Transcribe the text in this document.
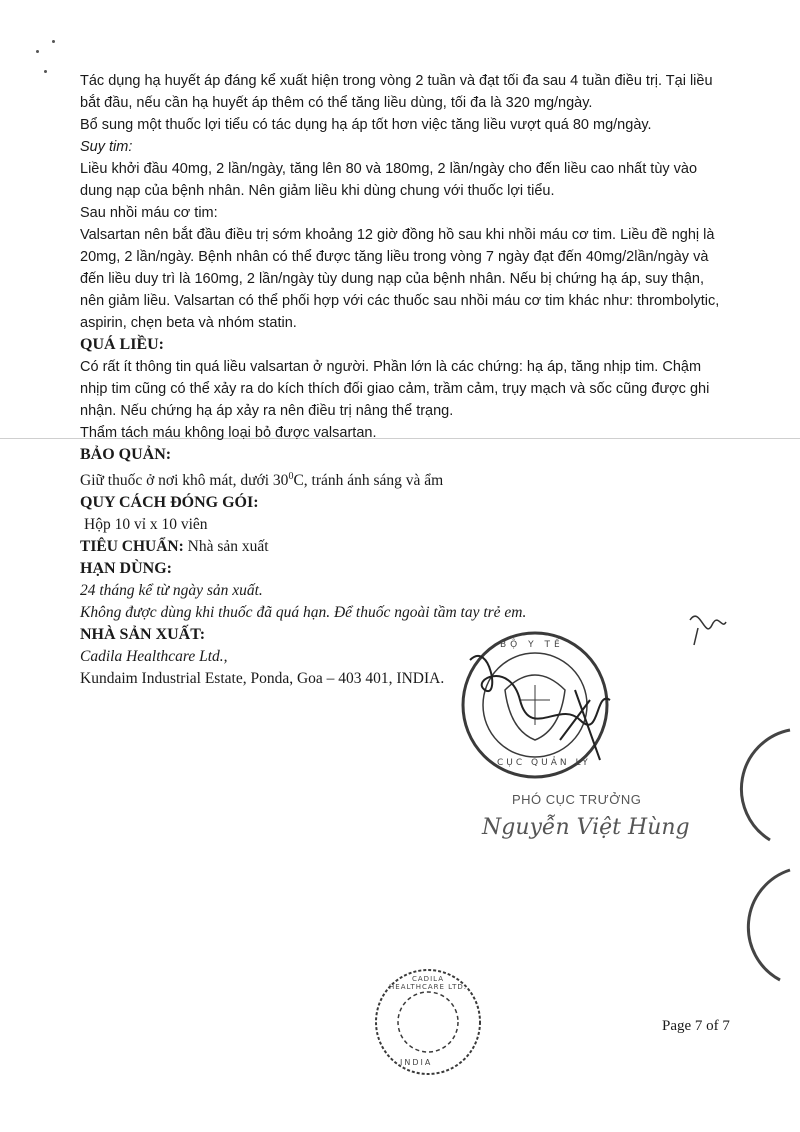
Tác dụng hạ huyết áp đáng kể xuất hiện trong vòng 2 tuần và đạt tối đa sau 4 tuần điều trị. Tại liều bắt đầu, nếu cần hạ huyết áp thêm có thể tăng liều dùng, tối đa là 320 mg/ngày.

Bổ sung một thuốc lợi tiểu có tác dụng hạ áp tốt hơn việc tăng liều vượt quá 80 mg/ngày.

Suy tim:

Liều khởi đầu 40mg, 2 lần/ngày, tăng lên 80 và 180mg, 2 lần/ngày cho đến liều cao nhất tùy vào dung nạp của bệnh nhân. Nên giảm liều khi dùng chung với thuốc lợi tiểu.

Sau nhồi máu cơ tim:

Valsartan nên bắt đầu điều trị sớm khoảng 12 giờ đồng hồ sau khi nhồi máu cơ tim. Liều đề nghị là 20mg, 2 lần/ngày. Bệnh nhân có thể được tăng liều trong vòng 7 ngày đạt đến 40mg/2lần/ngày và đến liều duy trì là 160mg, 2 lần/ngày tùy dung nạp của bệnh nhân. Nếu bị chứng hạ áp, suy thận, nên giảm liều. Valsartan có thể phối hợp với các thuốc sau nhồi máu cơ tim khác như: thrombolytic, aspirin, chẹn beta và nhóm statin.

QUÁ LIỀU:

Có rất ít thông tin quá liều valsartan ở người. Phần lớn là các chứng: hạ áp, tăng nhịp tim. Chậm nhịp tim cũng có thể xảy ra do kích thích đối giao cảm, trầm cảm, trụy mạch và sốc cũng được ghi nhận. Nếu chứng hạ áp xảy ra nên điều trị nâng thể trạng.

Thẩm tách máu không loại bỏ được valsartan.

BẢO QUẢN:

Giữ thuốc ở nơi khô mát, dưới $30^0C$, tránh ánh sáng và ẩm

QUY CÁCH ĐÓNG GÓI:

Hộp 10 vỉ x 10 viên

TIÊU CHUẨN: Nhà sản xuất

HẠN DÙNG:

24 tháng kể từ ngày sản xuất.

Không được dùng khi thuốc đã quá hạn. Để thuốc ngoài tầm tay trẻ em.

NHÀ SẢN XUẤT:

Cadila Healthcare Ltd.,

Kundaim Industrial Estate, Ponda, Goa – 403 401, INDIA.

BỘ Y TẾ
CỤC QUẢN LÝ
PHÓ CỤC TRƯỞNG
Nguyễn Việt Hùng
CADILA HEALTHCARE LTD.
INDIA
Page 7 of 7
